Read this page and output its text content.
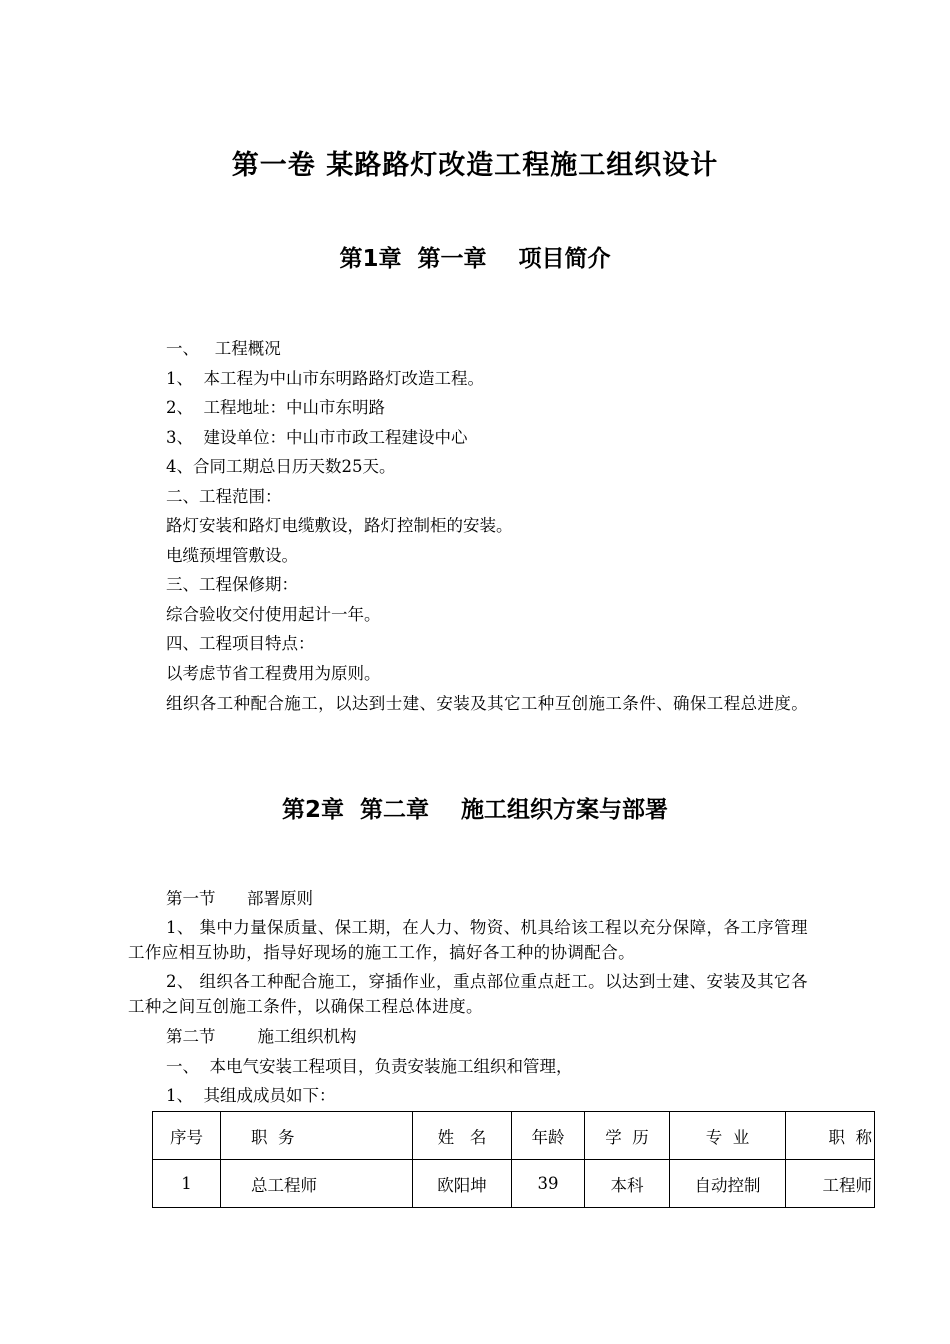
第一卷 某路路灯改造工程施工组织设计
第1章  第一章    项目简介
一、   工程概况
1、  本工程为中山市东明路路灯改造工程。
2、  工程地址：中山市东明路
3、  建设单位：中山市市政工程建设中心
4、合同工期总日历天数25天。
二、工程范围：
路灯安装和路灯电缆敷设，路灯控制柜的安装。
电缆预埋管敷设。
三、工程保修期：
综合验收交付使用起计一年。
四、工程项目特点：
以考虑节省工程费用为原则。
组织各工种配合施工，以达到士建、安装及其它工种互创施工条件、确保工程总进度。
第2章  第二章    施工组织方案与部署
第一节      部署原则
1、 集中力量保质量、保工期，在人力、物资、机具给该工程以充分保障，各工序管理工作应相互协助，指导好现场的施工工作，搞好各工种的协调配合。
2、 组织各工种配合施工，穿插作业，重点部位重点赶工。以达到士建、安装及其它各工种之间互创施工条件，以确保工程总体进度。
第二节        施工组织机构
一、  本电气安装工程项目，负责安装施工组织和管理，
1、  其组成成员如下：
序号	职  务	姓   名	年龄	学  历	专  业	职  称
1	总工程师	欧阳坤	39	本科	自动控制	工程师
